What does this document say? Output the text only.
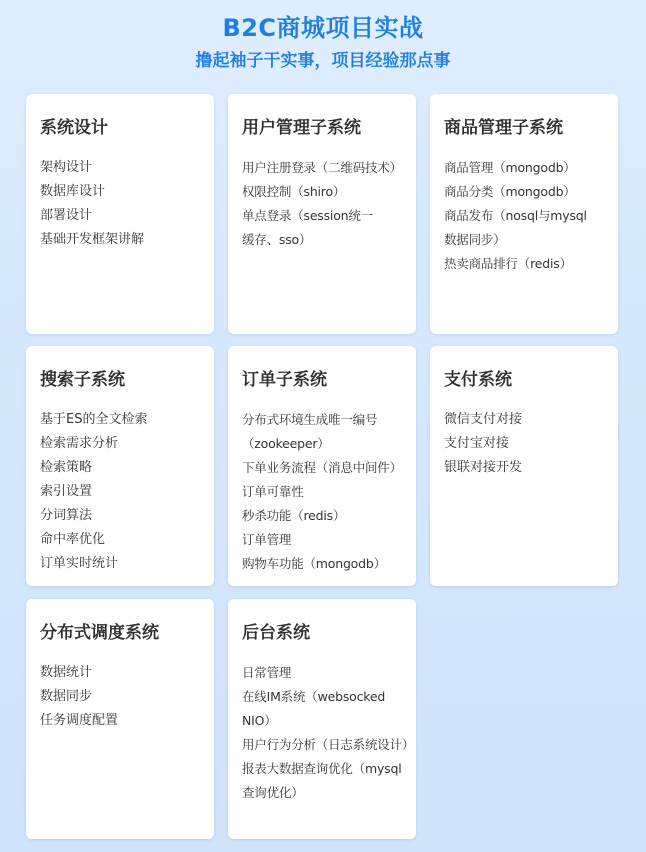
B2C商城项目实战
撸起袖子干实事，项目经验那点事
系统设计
架构设计
数据库设计
部署设计
基础开发框架讲解
用户管理子系统
用户注册登录（二维码技术）
权限控制（shiro）
单点登录（session统一
缓存、sso）
商品管理子系统
商品管理（mongodb）
商品分类（mongodb）
商品发布（nosql与mysql
数据同步）
热卖商品排行（redis）
搜索子系统
基于ES的全文检索
检索需求分析
检索策略
索引设置
分词算法
命中率优化
订单实时统计
订单子系统
分布式环境生成唯一编号
（zookeeper）
下单业务流程（消息中间件）
订单可靠性
秒杀功能（redis）
订单管理
购物车功能（mongodb）
支付系统
微信支付对接
支付宝对接
银联对接开发
分布式调度系统
数据统计
数据同步
任务调度配置
后台系统
日常管理
在线IM系统（websocked NIO）
用户行为分析（日志系统设计）
报表大数据查询优化（mysql
查询优化）
